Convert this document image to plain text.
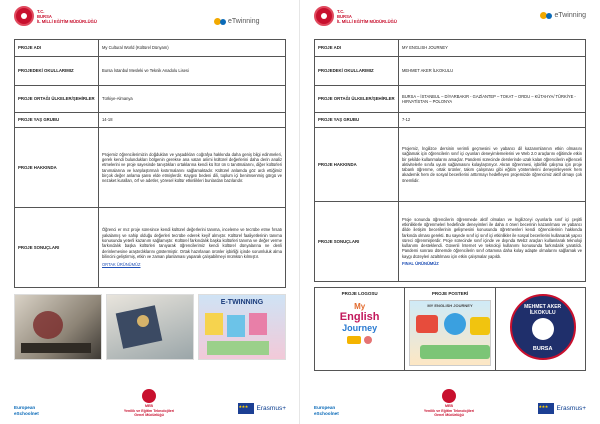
T.C.
BURSA
İL MİLLİ EĞİTİM MÜDÜRLÜĞÜ	eTwinning
PROJE ADI	My Cultural World (Kültürel Dünyam)
PROJEDEKİ OKULLARIMIZ	Bursa İstanbul Mesleki ve Teknik Anadolu Lisesi
PROJE ORTAĞI ÜLKELER/ŞEHİRLER	Türkiye-Almanya
PROJE YAŞ GRUBU	14-18
PROJE HAKKINDA	Projemiz öğrencilerimizin doğdukları ve yaşadıkları coğrafya hakkında daha geniş bilgi edinmeleri, gerek kendi bulundukları bölgenin gerekse ana vatan ariimi kültürel değerlerini daha derin analiz etmelerini ve proje sayesinde tanıştıkları ortaklarına kendi kü ltür ün ü tanıtmalarını, diğer kültürleri tanımalarına ve karşılaştırmalı kıstırmalarını sağlamaktadır. Kültürel anlamda göz ardı ettiğimiz birçok değer anlama şansı elde etmişlerdir. Kaygısı bedeni dili, toplum içi benimsenmiş görgü ve nezaket kuralları, örf ve adetler, yöresel kültür etkinlikleri bunlardan bazılarıdır.

PROJE SONUÇLARI	Öğrenci er mız proje süresince kendi kültürel değerlerini tanıma, inceleme ve tecrübe etme fırsatı yakalamış ve sahip olduğu değerleri tecrübe ederek keyif almıştır. Kültürel faaliyetlerinin tanıma konusunda yeterli kazanım sağlamıştır. Kültürel farkındalık başka kültürleri tanıma ve değer verme farkındalık başka kültürleri tanıyarak öğrencilerimiz kendi kültürel dünyalarına ne denli derinlemesine araştırdıklarını göstermiştir. Ortak hazırlanan ürünler işbirliği içinde sorumluluk alma bilincini geliştirmiş, etkin ve zaman planlaması yaparak çalışabilmeyi mümkün kılmıştır.

ORTAK ÜRÜNÜMÜZ

E-TWINNING
European
eSchoolnet
MEB
Yenilik ve Eğitim Teknolojileri
Genel Müdürlüğü
★★★
Erasmus+
T.C.
BURSA
İL MİLLİ EĞİTİM MÜDÜRLÜĞÜ
eTwinning
PROJE ADI	MY ENGLISH JOURNEY
PROJEDEKİ OKULLARIMIZ	MEHMET AKER İLKOKULU
PROJE ORTAĞI ÜLKELER/ŞEHİRLER	BURSA – İSTANBUL – DİYARBAKIR - GAZİANTEP – TOKAT – ORDU – KÜTAHYA/ TÜRKİYE - HIRVATİSTAN – POLONYA
PROJE YAŞ GRUBU	7-12
PROJE HAKKINDA	Projemiz, İngilizce dersinin verimli geçmesini ve yabancı dil kazanımlarının etkin olmasını sağlamak için öğrencilerin sınıf içi oyunları deneyimlemelerini ve Web 2.0 araçlarını eğitimde etkin bir şekilde kullanmalarını amaçlar. Pandemi sürecinde derslerinde uzak kalan öğrencilerin eğlenceli aktivitelerle sınıfa uyum sağlamasını kolaylaştırıyor. Akran öğrenmesi, işbirlikli çalışma için proje tabanlı öğrenme, ortak ürünler, takım çalışması gibi eğitim yöntemlerini deneyimleyerek hem akademik hem de sosyal becerilerini arttırmayı hedefleyen projemizde öğrencimiz aktif olmayı çok önemlidir.

PROJE SONUÇLARI	Proje sonunda öğrencilerin öğrenmede aktif olmaları ve İngilizceyi oyunlarla sınıf içi çeşitli etkinliklerle öğrenmeleri hedefinde deneyimleri ile daha 4 öneri becerinin kazanılması ve yabancı dilde iletişim becerilerinin gelişmesini konusunda öğretmenleri kendi öğrencilerinin hakkında farkında olması gerekti. Bu sayede sınıf içi sınıf içi etkinlikler ile sosyal becerilerini kullanarak yapıcı süreci öğrenmişlerdir. Proje sürecinde sınıf içinde ve dışında Web2 araçları kullanılarak teknoloji kullanımı desteklendi. Güvenli İnternet ve teknoloji kullanımı konusunda farkındalık yaratıldı. Pandemi sonrası dönemde öğrencilerin sınıf ortamına daha kolay adapte olmalarını sağlamak ve kaygı düzeyleri azaltılması için etkin çalışmalar yapıldı.

FINAL ÜRÜNÜMÜZ

PROJE LOGOSU
My
English
Journey
PROJE POSTERİ
MY ENGLISH JOURNEY	MEHMET AKER İLKOKULU
BURSA
European
eSchoolnet
MEB
Yenilik ve Eğitim Teknolojileri
Genel Müdürlüğü
★★★
Erasmus+
